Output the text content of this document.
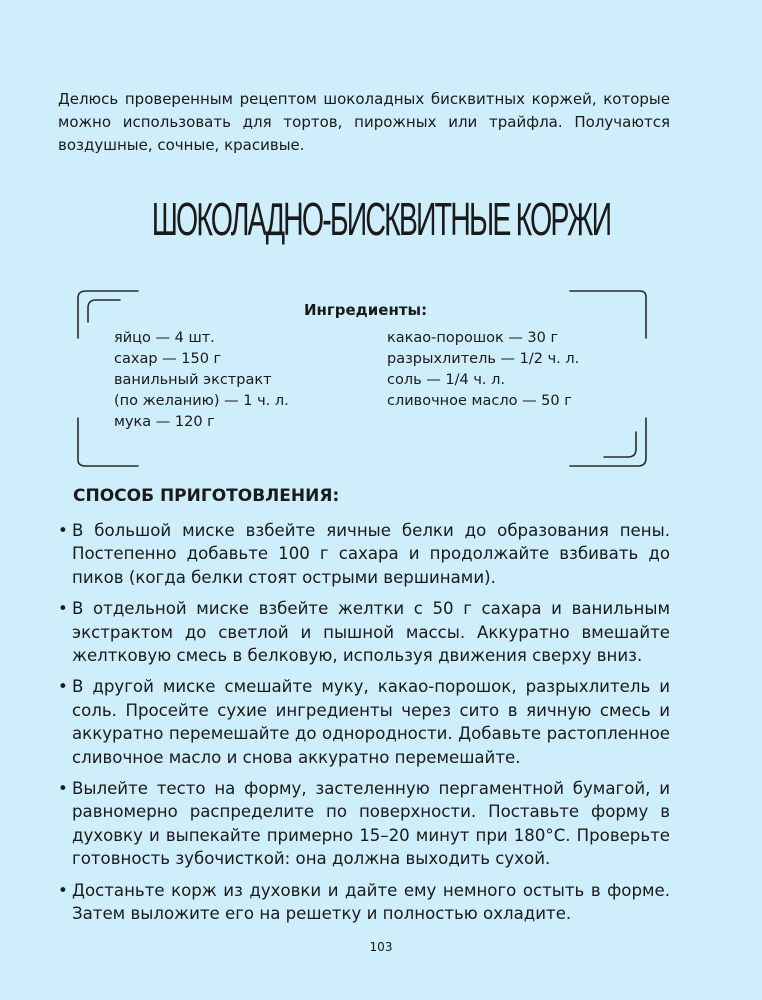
Делюсь проверенным рецептом шоколадных бисквитных коржей, которые можно использовать для тортов, пирожных или трайфла. Получаются воздушные, сочные, красивые.
ШОКОЛАДНО-БИСКВИТНЫЕ КОРЖИ
Ингредиенты:
яйцо — 4 шт.
сахар — 150 г
ванильный экстракт
(по желанию) — 1 ч. л.
мука — 120 г
какао-порошок — 30 г
разрыхлитель — 1/2 ч. л.
соль — 1/4 ч. л.
сливочное масло — 50 г
СПОСОБ ПРИГОТОВЛЕНИЯ:
• В большой миске взбейте яичные белки до образования пены. Постепенно добавьте 100 г сахара и продолжайте взбивать до пиков (когда белки стоят острыми вершинами).
• В отдельной миске взбейте желтки с 50 г сахара и ванильным экстрактом до светлой и пышной массы. Аккуратно вмешайте желтковую смесь в белковую, используя движения сверху вниз.
• В другой миске смешайте муку, какао-порошок, разрыхлитель и соль. Просейте сухие ингредиенты через сито в яичную смесь и аккуратно перемешайте до однородности. Добавьте растопленное сливочное масло и снова аккуратно перемешайте.
• Вылейте тесто на форму, застеленную пергаментной бумагой, и равномерно распределите по поверхности. Поставьте форму в духовку и выпекайте примерно 15–20 минут при 180°С. Проверьте готовность зубочисткой: она должна выходить сухой.
• Достаньте корж из духовки и дайте ему немного остыть в форме. Затем выложите его на решетку и полностью охладите.
103
